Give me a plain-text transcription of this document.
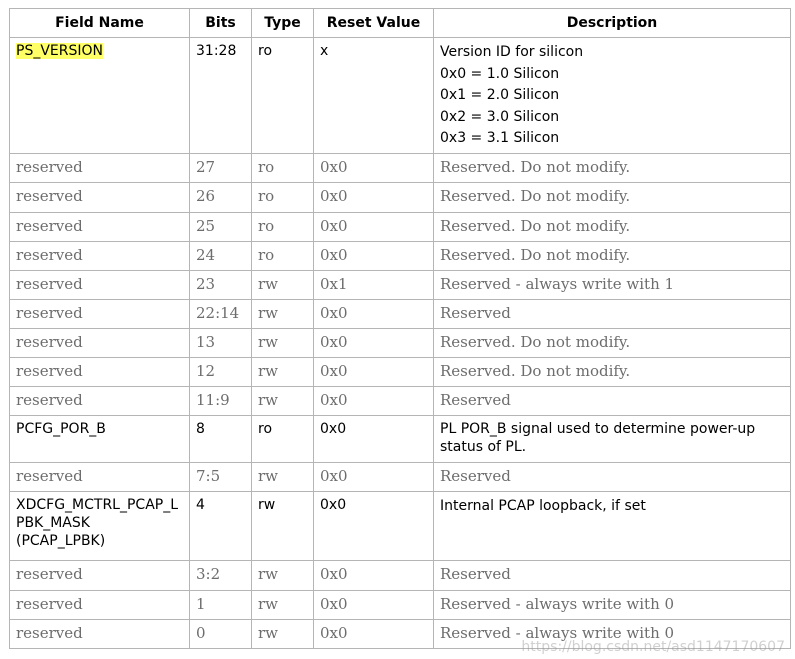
Field Name	Bits	Type	Reset Value	Description

PS_VERSION	31:28	ro	x	Version ID for silicon
0x0 = 1.0 Silicon
0x1 = 2.0 Silicon
0x2 = 3.0 Silicon
0x3 = 3.1 Silicon

reserved	27	ro	0x0	Reserved. Do not modify.

reserved	26	ro	0x0	Reserved. Do not modify.

reserved	25	ro	0x0	Reserved. Do not modify.

reserved	24	ro	0x0	Reserved. Do not modify.

reserved	23	rw	0x1	Reserved - always write with 1

reserved	22:14	rw	0x0	Reserved

reserved	13	rw	0x0	Reserved. Do not modify.

reserved	12	rw	0x0	Reserved. Do not modify.

reserved	11:9	rw	0x0	Reserved

PCFG_POR_B	8	ro	0x0	PL POR_B signal used to determine power-up
status of PL.

reserved	7:5	rw	0x0	Reserved

XDCFG_MCTRL_PCAP_L
PBK_MASK
(PCAP_LPBK)	4	rw	0x0	Internal PCAP loopback, if set

reserved	3:2	rw	0x0	Reserved

reserved	1	rw	0x0	Reserved - always write with 0

reserved	0	rw	0x0	Reserved - always write with 0
https://blog.csdn.net/asd1147170607
